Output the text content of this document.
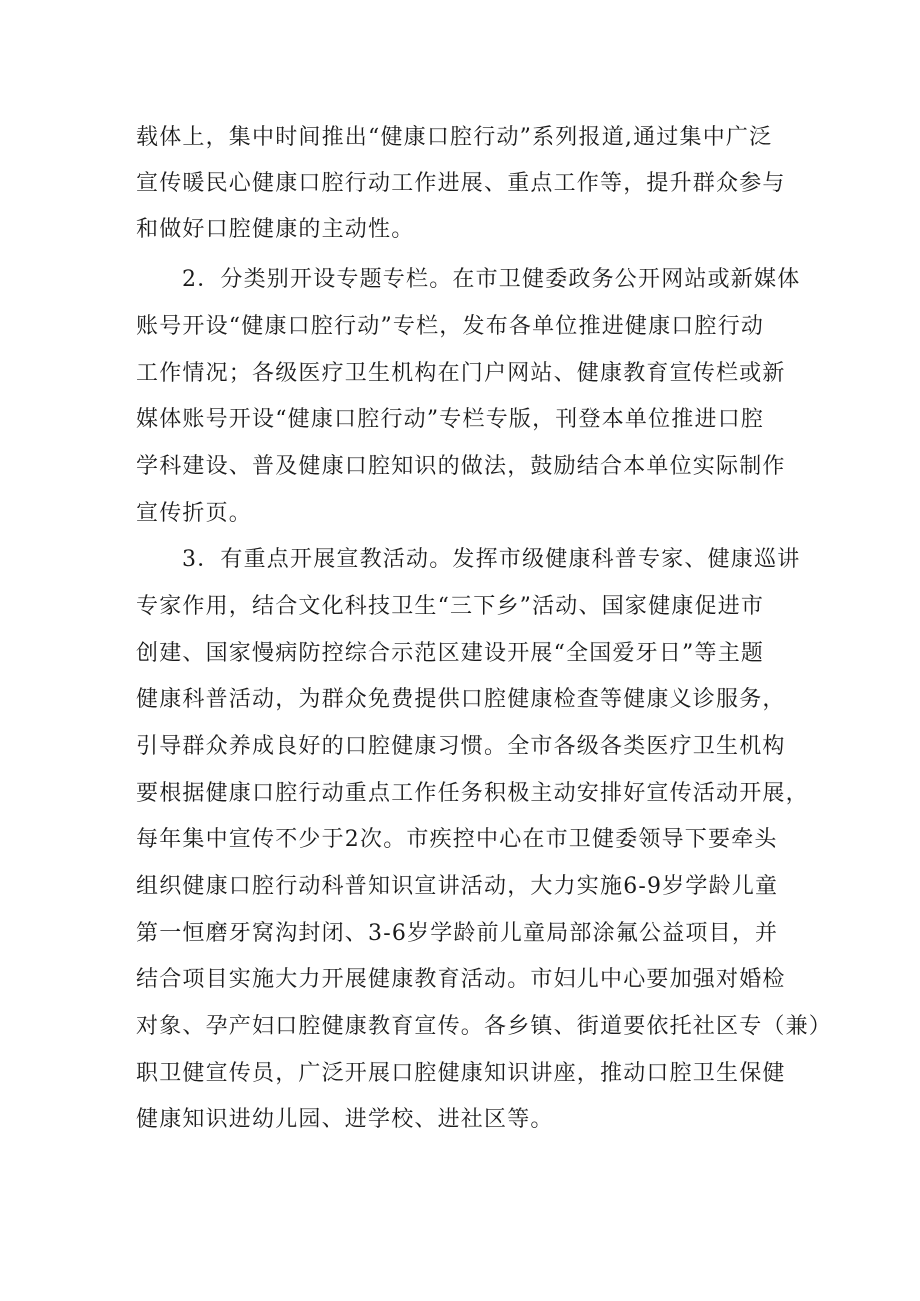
载体上，集中时间推出“健康口腔行动”系列报道,通过集中广泛
宣传暖民心健康口腔行动工作进展、重点工作等，提升群众参与
和做好口腔健康的主动性。
2．分类别开设专题专栏。在市卫健委政务公开网站或新媒体
账号开设“健康口腔行动”专栏，发布各单位推进健康口腔行动
工作情况；各级医疗卫生机构在门户网站、健康教育宣传栏或新
媒体账号开设“健康口腔行动”专栏专版，刊登本单位推进口腔
学科建设、普及健康口腔知识的做法，鼓励结合本单位实际制作
宣传折页。
3．有重点开展宣教活动。发挥市级健康科普专家、健康巡讲
专家作用，结合文化科技卫生“三下乡”活动、国家健康促进市
创建、国家慢病防控综合示范区建设开展“全国爱牙日”等主题
健康科普活动，为群众免费提供口腔健康检查等健康义诊服务，
引导群众养成良好的口腔健康习惯。全市各级各类医疗卫生机构
要根据健康口腔行动重点工作任务积极主动安排好宣传活动开展，
每年集中宣传不少于2次。市疾控中心在市卫健委领导下要牵头
组织健康口腔行动科普知识宣讲活动，大力实施6-9岁学龄儿童
第一恒磨牙窝沟封闭、3-6岁学龄前儿童局部涂氟公益项目，并
结合项目实施大力开展健康教育活动。市妇儿中心要加强对婚检
对象、孕产妇口腔健康教育宣传。各乡镇、街道要依托社区专（兼）
职卫健宣传员，广泛开展口腔健康知识讲座，推动口腔卫生保健
健康知识进幼儿园、进学校、进社区等。
